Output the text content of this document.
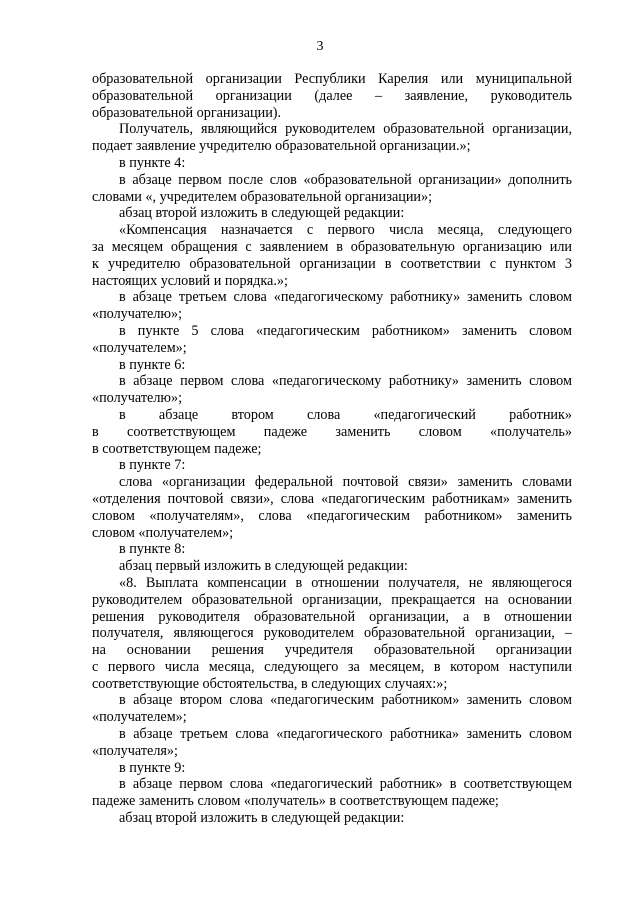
3

образовательной организации Республики Карелия или муниципальной

образовательной организации (далее – заявление, руководитель

образовательной организации).

Получатель, являющийся руководителем образовательной организации,

подает заявление учредителю образовательной организации.»;

в пункте 4:

в абзаце первом после слов «образовательной организации» дополнить

словами «, учредителем образовательной организации»;

абзац второй изложить в следующей редакции:

«Компенсация назначается с первого числа месяца, следующего

за месяцем обращения с заявлением в образовательную организацию или

к учредителю образовательной организации в соответствии с пунктом 3

настоящих условий и порядка.»;

в абзаце третьем слова «педагогическому работнику» заменить словом

«получателю»;

в пункте 5 слова «педагогическим работником» заменить словом

«получателем»;

в пункте 6:

в абзаце первом слова «педагогическому работнику» заменить словом

«получателю»;

в абзаце втором слова «педагогический работник»

в соответствующем падеже заменить словом «получатель»

в соответствующем падеже;

в пункте 7:

слова «организации федеральной почтовой связи» заменить словами

«отделения почтовой связи», слова «педагогическим работникам» заменить

словом «получателям», слова «педагогическим работником» заменить

словом «получателем»;

в пункте 8:

абзац первый изложить в следующей редакции:

«8. Выплата компенсации в отношении получателя, не являющегося

руководителем образовательной организации, прекращается на основании

решения руководителя образовательной организации, а в отношении

получателя, являющегося руководителем образовательной организации, –

на основании решения учредителя образовательной организации

с первого числа месяца, следующего за месяцем, в котором наступили

соответствующие обстоятельства, в следующих случаях:»;

в абзаце втором слова «педагогическим работником» заменить словом

«получателем»;

в абзаце третьем слова «педагогического работника» заменить словом

«получателя»;

в пункте 9:

в абзаце первом слова «педагогический работник» в соответствующем

падеже заменить словом «получатель» в соответствующем падеже;

абзац второй изложить в следующей редакции:
